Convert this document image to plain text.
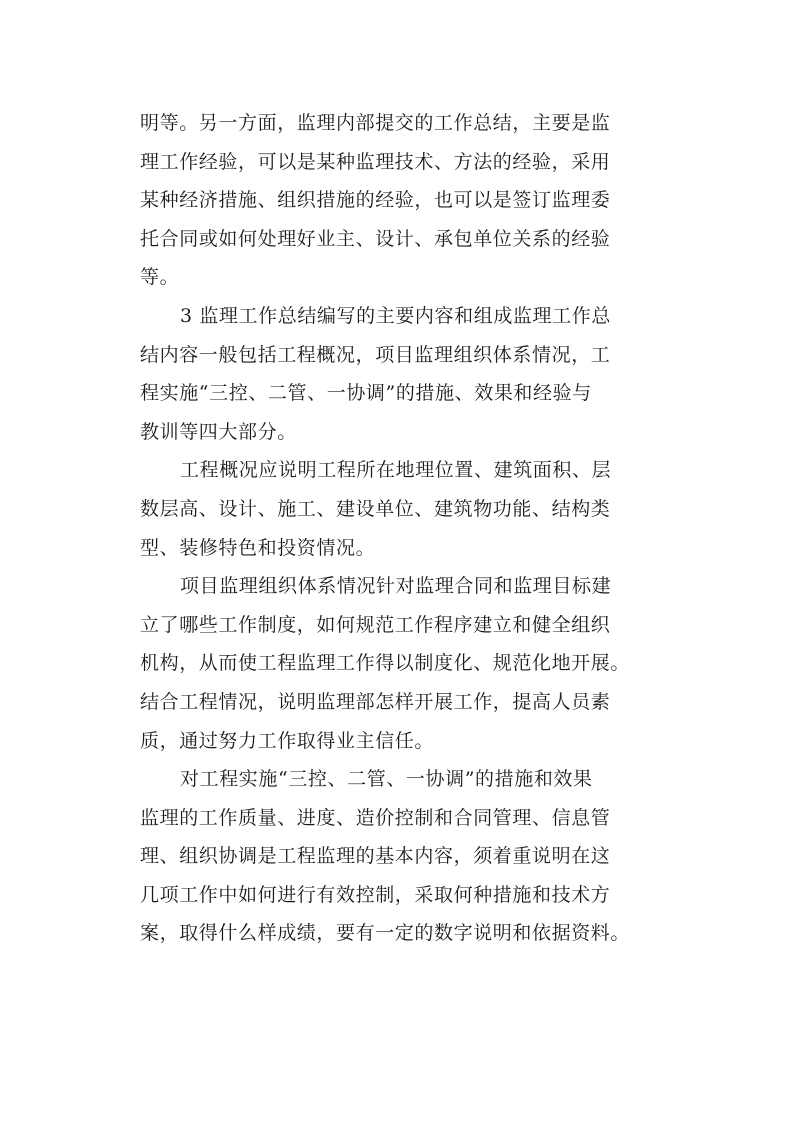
明等。另一方面，监理内部提交的工作总结，主要是监
理工作经验，可以是某种监理技术、方法的经验，采用
某种经济措施、组织措施的经验，也可以是签订监理委
托合同或如何处理好业主、设计、承包单位关系的经验
等。
3 监理工作总结编写的主要内容和组成监理工作总
结内容一般包括工程概况，项目监理组织体系情况，工
程实施“三控、二管、一协调”的措施、效果和经验与
教训等四大部分。
工程概况应说明工程所在地理位置、建筑面积、层
数层高、设计、施工、建设单位、建筑物功能、结构类
型、装修特色和投资情况。
项目监理组织体系情况针对监理合同和监理目标建
立了哪些工作制度，如何规范工作程序建立和健全组织
机构，从而使工程监理工作得以制度化、规范化地开展。
结合工程情况，说明监理部怎样开展工作，提高人员素
质，通过努力工作取得业主信任。
对工程实施“三控、二管、一协调”的措施和效果
监理的工作质量、进度、造价控制和合同管理、信息管
理、组织协调是工程监理的基本内容，须着重说明在这
几项工作中如何进行有效控制，采取何种措施和技术方
案，取得什么样成绩，要有一定的数字说明和依据资料。
